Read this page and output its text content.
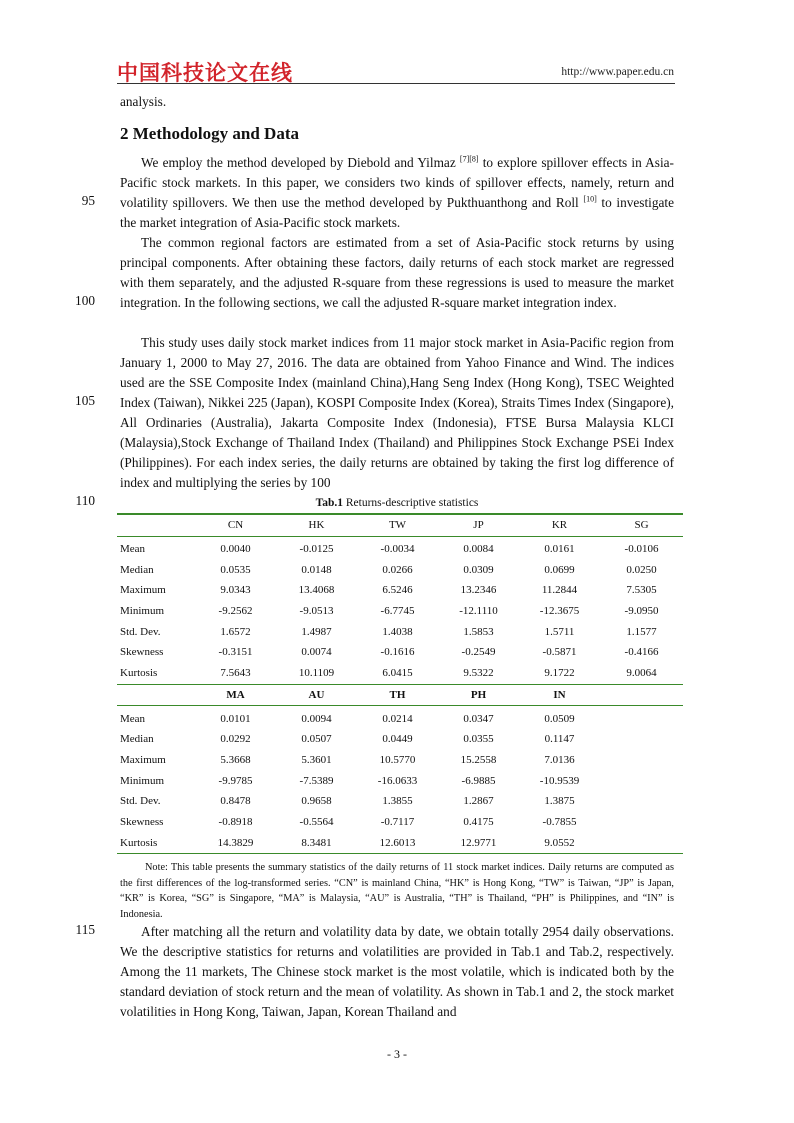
中国科技论文在线	http://www.paper.edu.cn
analysis.
2 Methodology and Data
We employ the method developed by Diebold and Yilmaz [7][8] to explore spillover effects in Asia-Pacific stock markets. In this paper, we considers two kinds of spillover effects, namely, return and volatility spillovers. We then use the method developed by Pukthuanthong and Roll [10] to investigate the market integration of Asia-Pacific stock markets.
The common regional factors are estimated from a set of Asia-Pacific stock returns by using principal components. After obtaining these factors, daily returns of each stock market are regressed with them separately, and the adjusted R-square from these regressions is used to measure the market integration. In the following sections, we call the adjusted R-square market integration index.
This study uses daily stock market indices from 11 major stock market in Asia-Pacific region from January 1, 2000 to May 27, 2016. The data are obtained from Yahoo Finance and Wind. The indices used are the SSE Composite Index (mainland China),Hang Seng Index (Hong Kong), TSEC Weighted Index (Taiwan), Nikkei 225 (Japan), KOSPI Composite Index (Korea), Straits Times Index (Singapore), All Ordinaries (Australia), Jakarta Composite Index (Indonesia), FTSE Bursa Malaysia KLCI (Malaysia),Stock Exchange of Thailand Index (Thailand) and Philippines Stock Exchange PSEi Index (Philippines). For each index series, the daily returns are obtained by taking the first log difference of index and multiplying the series by 100
95
100
105
110
115
Tab.1 Returns-descriptive statistics
	CN	HK	TW	JP	KR	SG
Mean	0.0040	-0.0125	-0.0034	0.0084	0.0161	-0.0106
Median	0.0535	0.0148	0.0266	0.0309	0.0699	0.0250
Maximum	9.0343	13.4068	6.5246	13.2346	11.2844	7.5305
Minimum	-9.2562	-9.0513	-6.7745	-12.1110	-12.3675	-9.0950
Std. Dev.	1.6572	1.4987	1.4038	1.5853	1.5711	1.1577
Skewness	-0.3151	0.0074	-0.1616	-0.2549	-0.5871	-0.4166
Kurtosis	7.5643	10.1109	6.0415	9.5322	9.1722	9.0064
	MA	AU	TH	PH	IN	
Mean	0.0101	0.0094	0.0214	0.0347	0.0509	
Median	0.0292	0.0507	0.0449	0.0355	0.1147	
Maximum	5.3668	5.3601	10.5770	15.2558	7.0136	
Minimum	-9.9785	-7.5389	-16.0633	-6.9885	-10.9539	
Std. Dev.	0.8478	0.9658	1.3855	1.2867	1.3875	
Skewness	-0.8918	-0.5564	-0.7117	0.4175	-0.7855	
Kurtosis	14.3829	8.3481	12.6013	12.9771	9.0552	
Note: This table presents the summary statistics of the daily returns of 11 stock market indices. Daily returns are computed as the first differences of the log-transformed series. “CN” is mainland China, “HK” is Hong Kong, “TW” is Taiwan, “JP” is Japan, “KR” is Korea, “SG” is Singapore, “MA” is Malaysia, “AU” is Australia, “TH” is Thailand, “PH” is Philippines, and “IN” is Indonesia.
After matching all the return and volatility data by date, we obtain totally 2954 daily observations. We the descriptive statistics for returns and volatilities are provided in Tab.1 and Tab.2, respectively. Among the 11 markets, The Chinese stock market is the most volatile, which is indicated both by the standard deviation of stock return and the mean of volatility. As shown in Tab.1 and 2, the stock market volatilities in Hong Kong, Taiwan, Japan, Korean Thailand and
- 3 -
